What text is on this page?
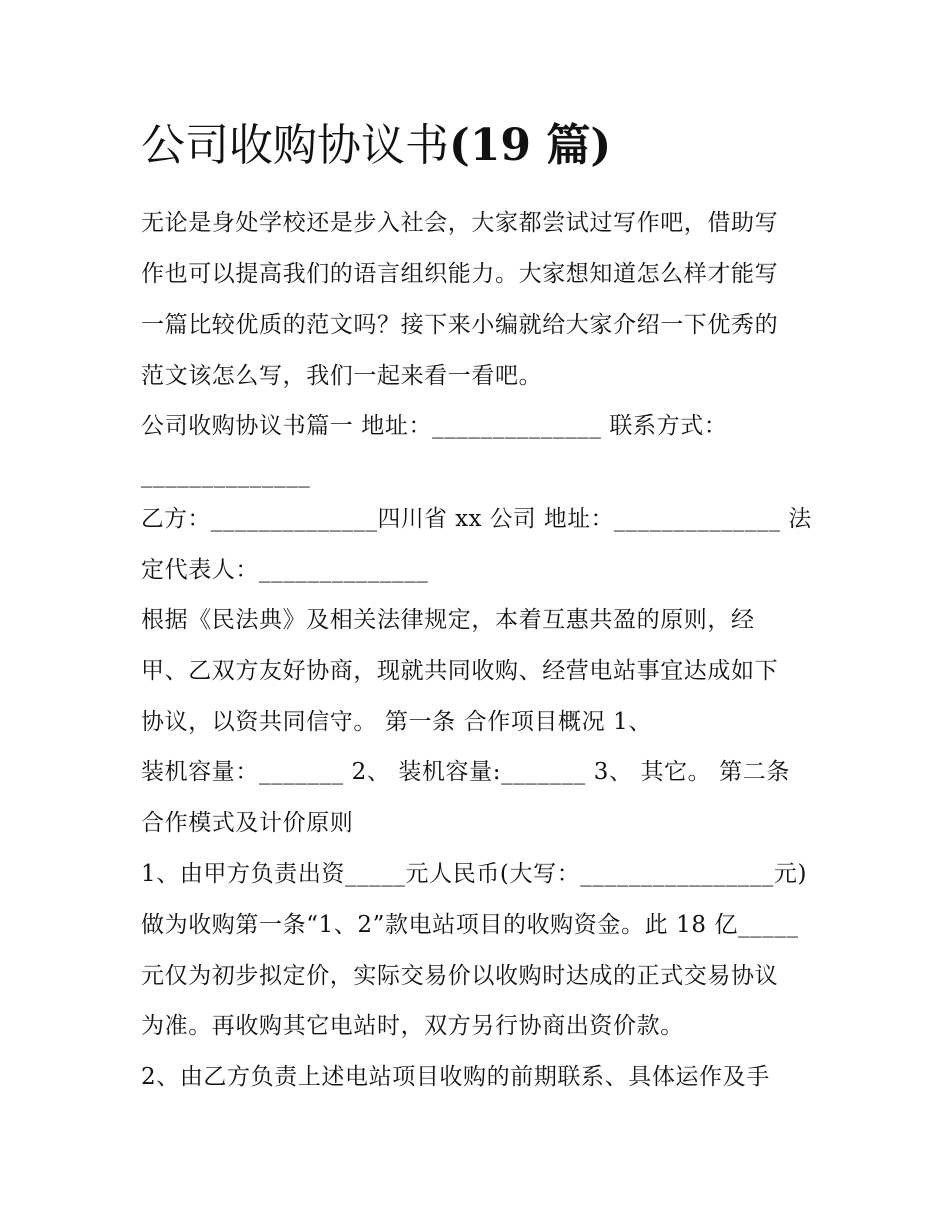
公司收购协议书(19 篇)
无论是身处学校还是步入社会，大家都尝试过写作吧，借助写
作也可以提高我们的语言组织能力。大家想知道怎么样才能写
一篇比较优质的范文吗？接下来小编就给大家介绍一下优秀的
范文该怎么写，我们一起来看一看吧。
公司收购协议书篇一 地址：______________ 联系方式：
______________
乙方：______________四川省 xx 公司 地址：______________ 法
定代表人：______________
根据《民法典》及相关法律规定，本着互惠共盈的原则，经
甲、乙双方友好协商，现就共同收购、经营电站事宜达成如下
协议，以资共同信守。 第一条 合作项目概况 1、
装机容量：_______ 2、 装机容量:_______ 3、 其它。 第二条
合作模式及计价原则
1、由甲方负责出资_____元人民币(大写：________________元)
做为收购第一条“1、2”款电站项目的收购资金。此 18 亿_____
元仅为初步拟定价，实际交易价以收购时达成的正式交易协议
为准。再收购其它电站时，双方另行协商出资价款。
2、由乙方负责上述电站项目收购的前期联系、具体运作及手
